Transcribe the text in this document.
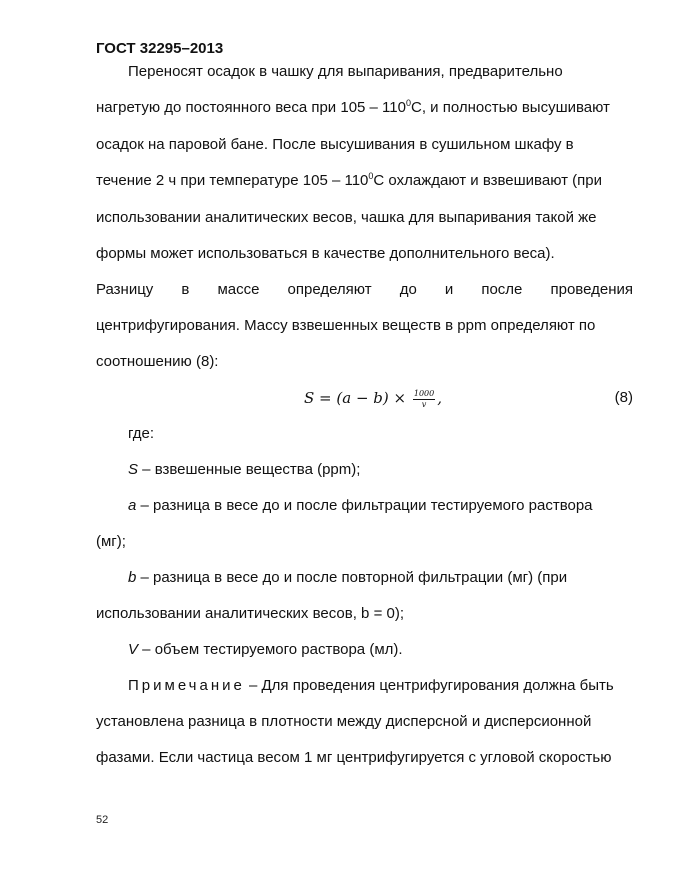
ГОСТ 32295–2013
Переносят осадок в чашку для выпаривания, предварительно
нагретую до постоянного веса при $105 - 110^0C$, и полностью высушивают
осадок на паровой бане. После высушивания в сушильном шкафу в
течение 2 ч при температуре $105 - 110^0C$ охлаждают и взвешивают (при
использовании аналитических весов, чашка для выпаривания такой же
формы может использоваться в качестве дополнительного веса).
Разницу в массе определяют до и после проведения
центрифугирования. Массу взвешенных веществ в ppm определяют по
соотношению (8):
$S = (a - b) \times \frac{1000}{v}$ ,	(8)
где:
S – взвешенные вещества (ppm);
a – разница в весе до и после фильтрации тестируемого раствора
(мг);
b – разница в весе до и после повторной фильтрации (мг) (при
использовании аналитических весов, b = 0);
V – объем тестируемого раствора (мл).
Примечание – Для проведения центрифугирования должна быть
установлена разница в плотности между дисперсной и дисперсионной
фазами. Если частица весом 1 мг центрифугируется с угловой скоростью
52
